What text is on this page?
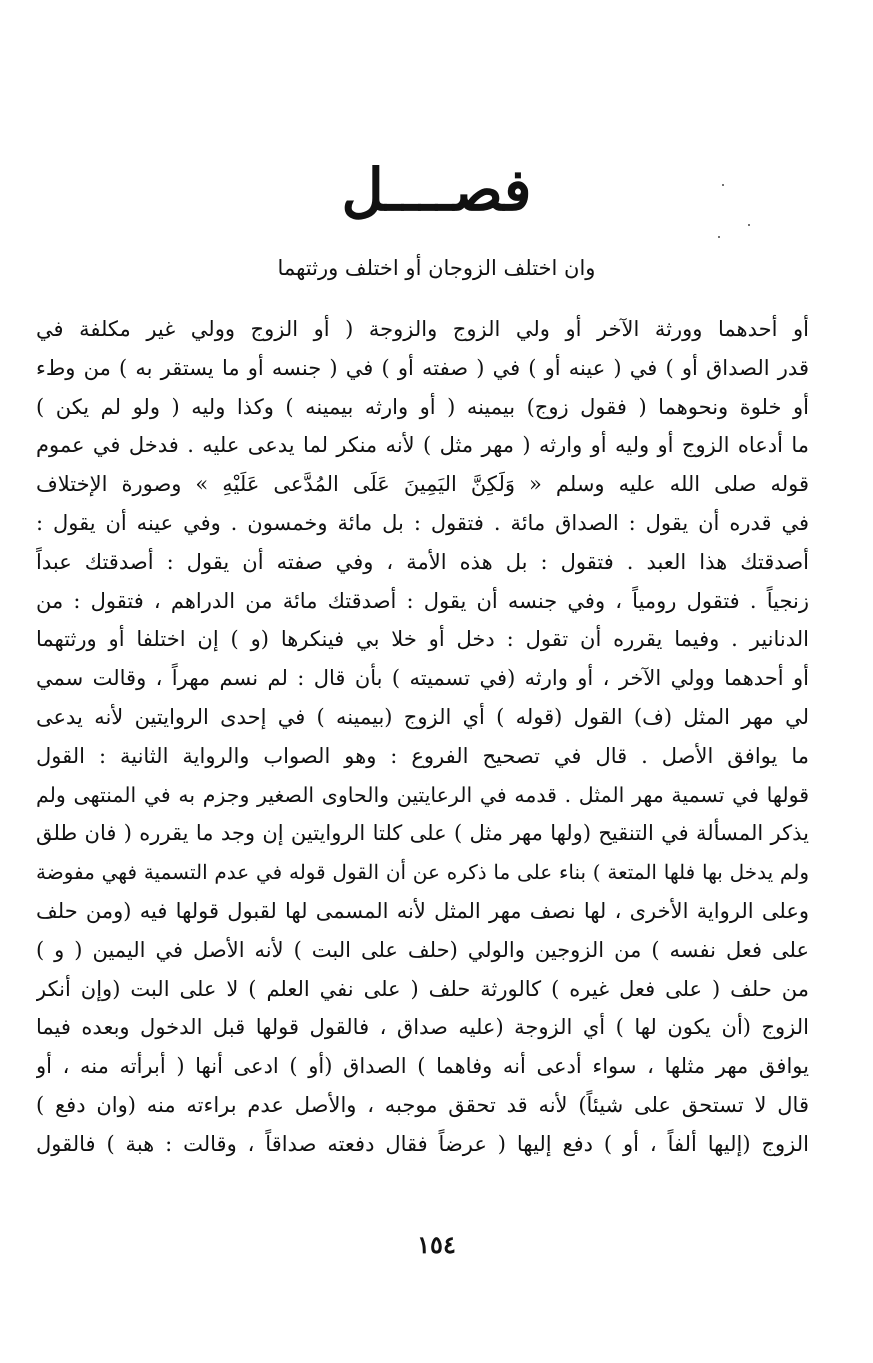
فصــــل
وان اختلف الزوجان أو اختلف ورثتهما
أو أحدهما وورثة الآخر أو ولي الزوج والزوجة ( أو الزوج وولي غير مكلفة في
قدر الصداق أو ) في ( عينه أو ) في ( صفته أو ) في ( جنسه أو ما يستقر به ) من وطء
أو خلوة ونحوهما ( فقول زوج) بيمينه ( أو وارثه بيمينه ) وكذا وليه ( ولو لم يكن )
ما أدعاه الزوج أو وليه أو وارثه ( مهر مثل ) لأنه منكر لما يدعى عليه . فدخل في عموم
قوله صلى الله عليه وسلم « وَلَكِنَّ اليَمِينَ عَلَى المُدَّعى عَلَيْهِ » وصورة الإختلاف
في قدره أن يقول : الصداق مائة . فتقول : بل مائة وخمسون . وفي عينه أن يقول :
أصدقتك هذا العبد . فتقول : بل هذه الأمة ، وفي صفته أن يقول : أصدقتك عبداً
زنجياً . فتقول رومياً ، وفي جنسه أن يقول : أصدقتك مائة من الدراهم ، فتقول : من
الدنانير . وفيما يقرره أن تقول : دخل أو خلا بي فينكرها (و ) إن اختلفا أو ورثتهما
أو أحدهما وولي الآخر ، أو وارثه (في تسميته ) بأن قال : لم نسم مهراً ، وقالت سمي
لي مهر المثل (ف) القول (قوله ) أي الزوج (بيمينه ) في إحدى الروايتين لأنه يدعى
ما يوافق الأصل . قال في تصحيح الفروع : وهو الصواب والرواية الثانية : القول
قولها في تسمية مهر المثل . قدمه في الرعايتين والحاوى الصغير وجزم به في المنتهى ولم
يذكر المسألة في التنقيح (ولها مهر مثل ) على كلتا الروايتين إن وجد ما يقرره ( فان طلق
ولم يدخل بها فلها المتعة ) بناء على ما ذكره عن أن القول قوله في عدم التسمية فهي مفوضة
وعلى الرواية الأخرى ، لها نصف مهر المثل لأنه المسمى لها لقبول قولها فيه (ومن حلف
على فعل نفسه ) من الزوجين والولي (حلف على البت ) لأنه الأصل في اليمين ( و )
من حلف ( على فعل غيره ) كالورثة حلف ( على نفي العلم ) لا على البت (وإن أنكر
الزوج (أن يكون لها ) أي الزوجة (عليه صداق ، فالقول قولها قبل الدخول وبعده فيما
يوافق مهر مثلها ، سواء أدعى أنه وفاهما ) الصداق (أو ) ادعى أنها ( أبرأته منه ، أو
قال لا تستحق على شيئاً) لأنه قد تحقق موجبه ، والأصل عدم براءته منه (وان دفع )
الزوج (إليها ألفاً ، أو ) دفع إليها ( عرضاً فقال دفعته صداقاً ، وقالت : هبة ) فالقول
١٥٤
